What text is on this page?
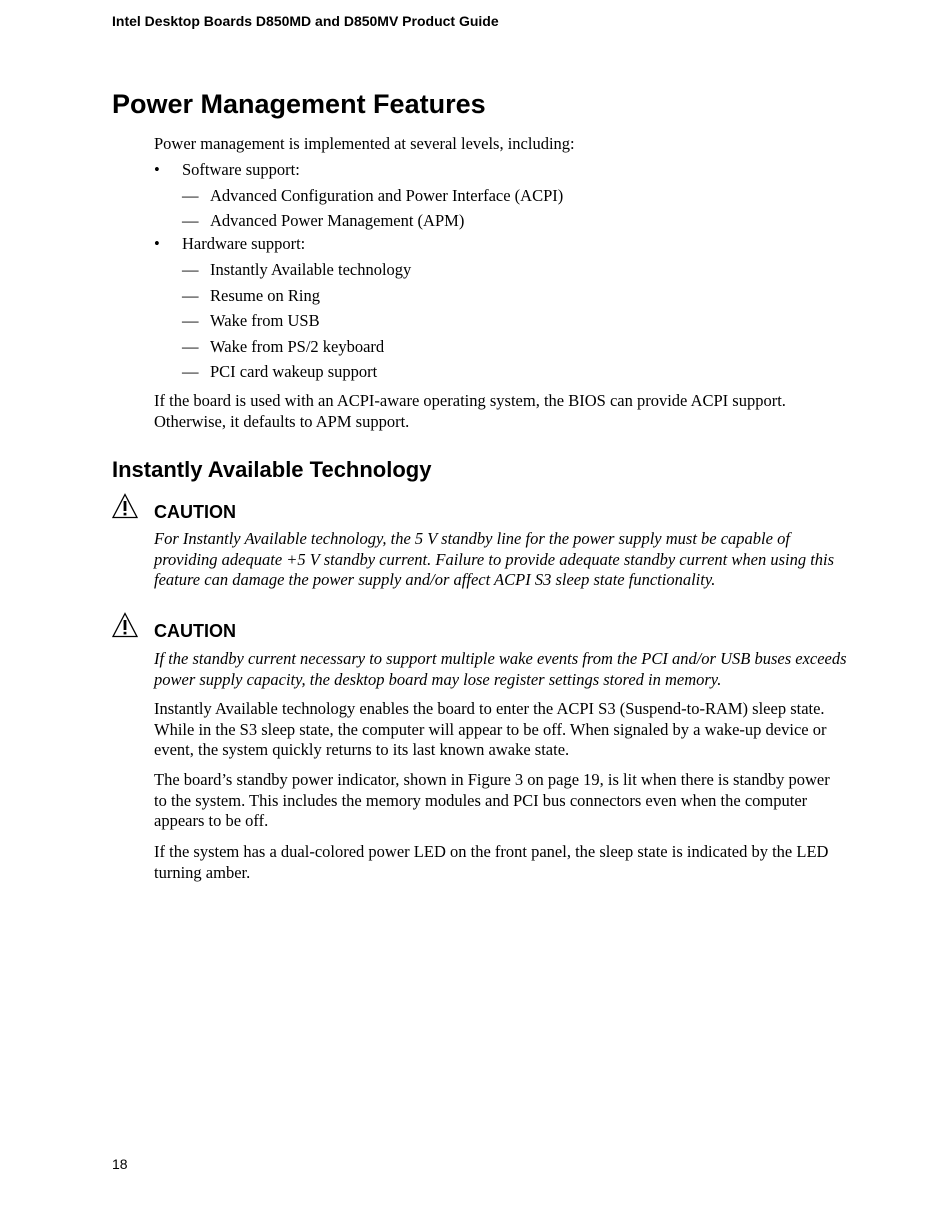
Intel Desktop Boards D850MD and D850MV Product Guide
Power Management Features

Power management is implemented at several levels, including:

• Software support:
— Advanced Configuration and Power Interface (ACPI)
— Advanced Power Management (APM)
• Hardware support:
— Instantly Available technology
— Resume on Ring
— Wake from USB
— Wake from PS/2 keyboard
— PCI card wakeup support

If the board is used with an ACPI-aware operating system, the BIOS can provide ACPI support. Otherwise, it defaults to APM support.

Instantly Available Technology
CAUTION

For Instantly Available technology, the 5 V standby line for the power supply must be capable of providing adequate +5 V standby current. Failure to provide adequate standby current when using this feature can damage the power supply and/or affect ACPI S3 sleep state functionality.

CAUTION

If the standby current necessary to support multiple wake events from the PCI and/or USB buses exceeds power supply capacity, the desktop board may lose register settings stored in memory.

Instantly Available technology enables the board to enter the ACPI S3 (Suspend-to-RAM) sleep state. While in the S3 sleep state, the computer will appear to be off. When signaled by a wake-up device or event, the system quickly returns to its last known awake state.

The board’s standby power indicator, shown in Figure 3 on page 19, is lit when there is standby power to the system. This includes the memory modules and PCI bus connectors even when the computer appears to be off.

If the system has a dual-colored power LED on the front panel, the sleep state is indicated by the LED turning amber.

18
